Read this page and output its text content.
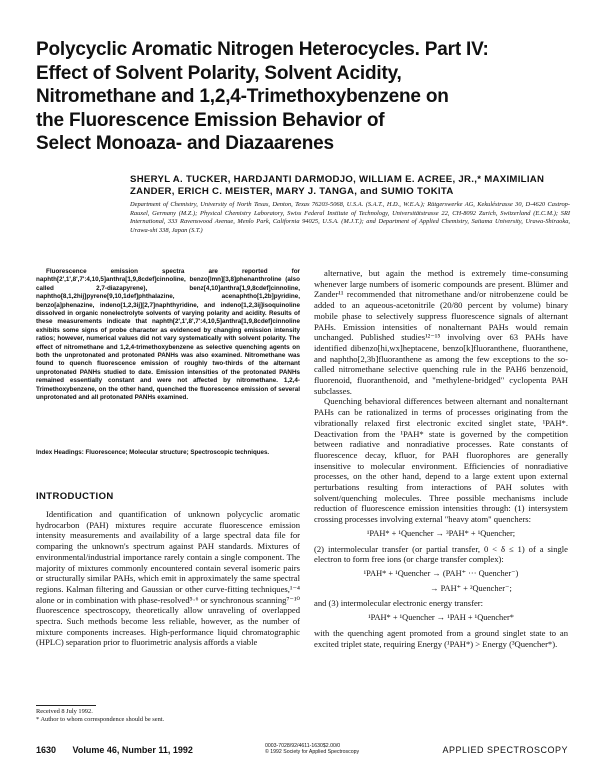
Polycyclic Aromatic Nitrogen Heterocycles. Part IV:
Effect of Solvent Polarity, Solvent Acidity,
Nitromethane and 1,2,4-Trimethoxybenzene on
the Fluorescence Emission Behavior of
Select Monoaza- and Diazaarenes
SHERYL A. TUCKER, HARDJANTI DARMODJO, WILLIAM E. ACREE, JR.,* MAXIMILIAN ZANDER, ERICH C. MEISTER, MARY J. TANGA, and SUMIO TOKITA
Department of Chemistry, University of North Texas, Denton, Texas 76203-5068, U.S.A. (S.A.T., H.D., W.E.A.); Rütgerswerke AG, Kekuléstrasse 30, D-4620 Castrop-Rauxel, Germany (M.Z.); Physical Chemistry Laboratory, Swiss Federal Institute of Technology, Universitätstrasse 22, CH-8092 Zurich, Switzerland (E.C.M.); SRI International, 333 Ravenswood Avenue, Menlo Park, California 94025, U.S.A. (M.J.T.); and Department of Applied Chemistry, Saitama University, Urawa-Shiraoka, Urawa-shi 338, Japan (S.T.)

Fluorescence emission spectra are reported for naphth[2',1',8',7':4,10,5]anthra[1,9,8cdef]cinnoline, benzo[lmn][3,8]phenanthroline (also called 2,7-diazapyrene), benz[4,10]anthra[1,9,8cdef]cinnoline, naphtho[8,1,2hij]pyrene[9,10,1def]phthalazine, acenaphtho[1,2b]pyridine, benzo[a]phenazine, indeno[1,2,3ij][2,7]naphthyridine, and indeno[1,2,3ij]isoquinoline dissolved in organic nonelectrolyte solvents of varying polarity and acidity. Results of these measurements indicate that naphth[2',1',8',7':4,10,5]anthra[1,9,8cdef]cinnoline exhibits some signs of probe character as evidenced by changing emission intensity ratios; however, numerical values did not vary systematically with solvent polarity. The effect of nitromethane and 1,2,4-trimethoxybenzene as selective quenching agents on both the unprotonated and protonated PANHs was also examined. Nitromethane was found to quench fluorescence emission of roughly two-thirds of the alternant unprotonated PANHs studied to date. Emission intensities of the protonated PANHs remained essentially constant and were not affected by nitromethane. 1,2,4-Trimethoxybenzene, on the other hand, quenched the fluorescence emission of several unprotonated and all protonated PANHs examined.

Index Headings: Fluorescence; Molecular structure; Spectroscopic techniques.
INTRODUCTION

Identification and quantification of unknown polycyclic aromatic hydrocarbon (PAH) mixtures require accurate fluorescence emission intensity measurements and availability of a large spectral data file for comparing the unknown's spectrum against PAH standards. Mixtures of environmental/industrial importance rarely contain a single component. The majority of mixtures commonly encountered contain several isomeric pairs or structurally similar PAHs, which emit in approximately the same spectral regions. Kalman filtering and Gaussian or other curve-fitting techniques,¹⁻⁴ alone or in combination with phase-resolved⁵·⁶ or synchronous scanning⁷⁻¹⁰ fluorescence spectroscopy, theoretically allow unraveling of overlapped spectra. Such methods become less reliable, however, as the number of mixture components increases. High-performance liquid chromatographic (HPLC) separation prior to fluorimetric analysis affords a viable

alternative, but again the method is extremely time-consuming whenever large numbers of isomeric compounds are present. Blümer and Zander¹¹ recommended that nitromethane and/or nitrobenzene could be added to an aqueous-acetonitrile (20/80 percent by volume) binary mobile phase to selectively suppress fluorescence signals of alternant PAHs. Emission intensities of nonalternant PAHs would remain unchanged. Published studies¹²⁻¹⁵ involving over 63 PAHs have identified dibenzo[hi,wx]heptacene, benzo[k]fluoranthene, fluoranthene, and naphtho[2,3b]fluoranthene as among the few exceptions to the so-called nitromethane selective quenching rule in the PAH6 benzenoid, fluorenoid, fluoranthenoid, and "methylene-bridged" cyclopenta PAH subclasses.

Quenching behavioral differences between alternant and nonalternant PAHs can be rationalized in terms of processes originating from the vibrationally relaxed first electronic excited singlet state, ¹PAH*. Deactivation from the ¹PAH* state is governed by the competition between radiative and nonradiative processes. Rate constants of fluorescence decay, kfluor, for PAH fluorophores are generally insensitive to molecular environment. Efficiencies of nonradiative processes, on the other hand, depend to a large extent upon external perturbations resulting from interactions of PAH solutes with solvent/quenching molecules. Three possible mechanisms include reduction of fluorescence emission intensities through: (1) intersystem crossing processes involving external "heavy atom" quenchers:

¹PAH* + ¹Quencher → ³PAH* + ¹Quencher;

(2) intermolecular transfer (or partial transfer, 0 < δ ≤ 1) of a single electron to form free ions (or charge transfer complex):

¹PAH* + ¹Quencher → (PAH⁺ ··· Quencher⁻)

→ PAH⁺ + ²Quencher⁻;

and (3) intermolecular electronic energy transfer:

¹PAH* + ¹Quencher → ¹PAH + ¹Quencher*

with the quenching agent promoted from a ground singlet state to an excited triplet state, requiring Energy (¹PAH*) > Energy (³Quencher*).

Received 8 July 1992.
* Author to whom correspondence should be sent.
1630 Volume 46, Number 11, 1992	0003-7028/92/4611-1630$2.00/0
© 1992 Society for Applied Spectroscopy	APPLIED SPECTROSCOPY
